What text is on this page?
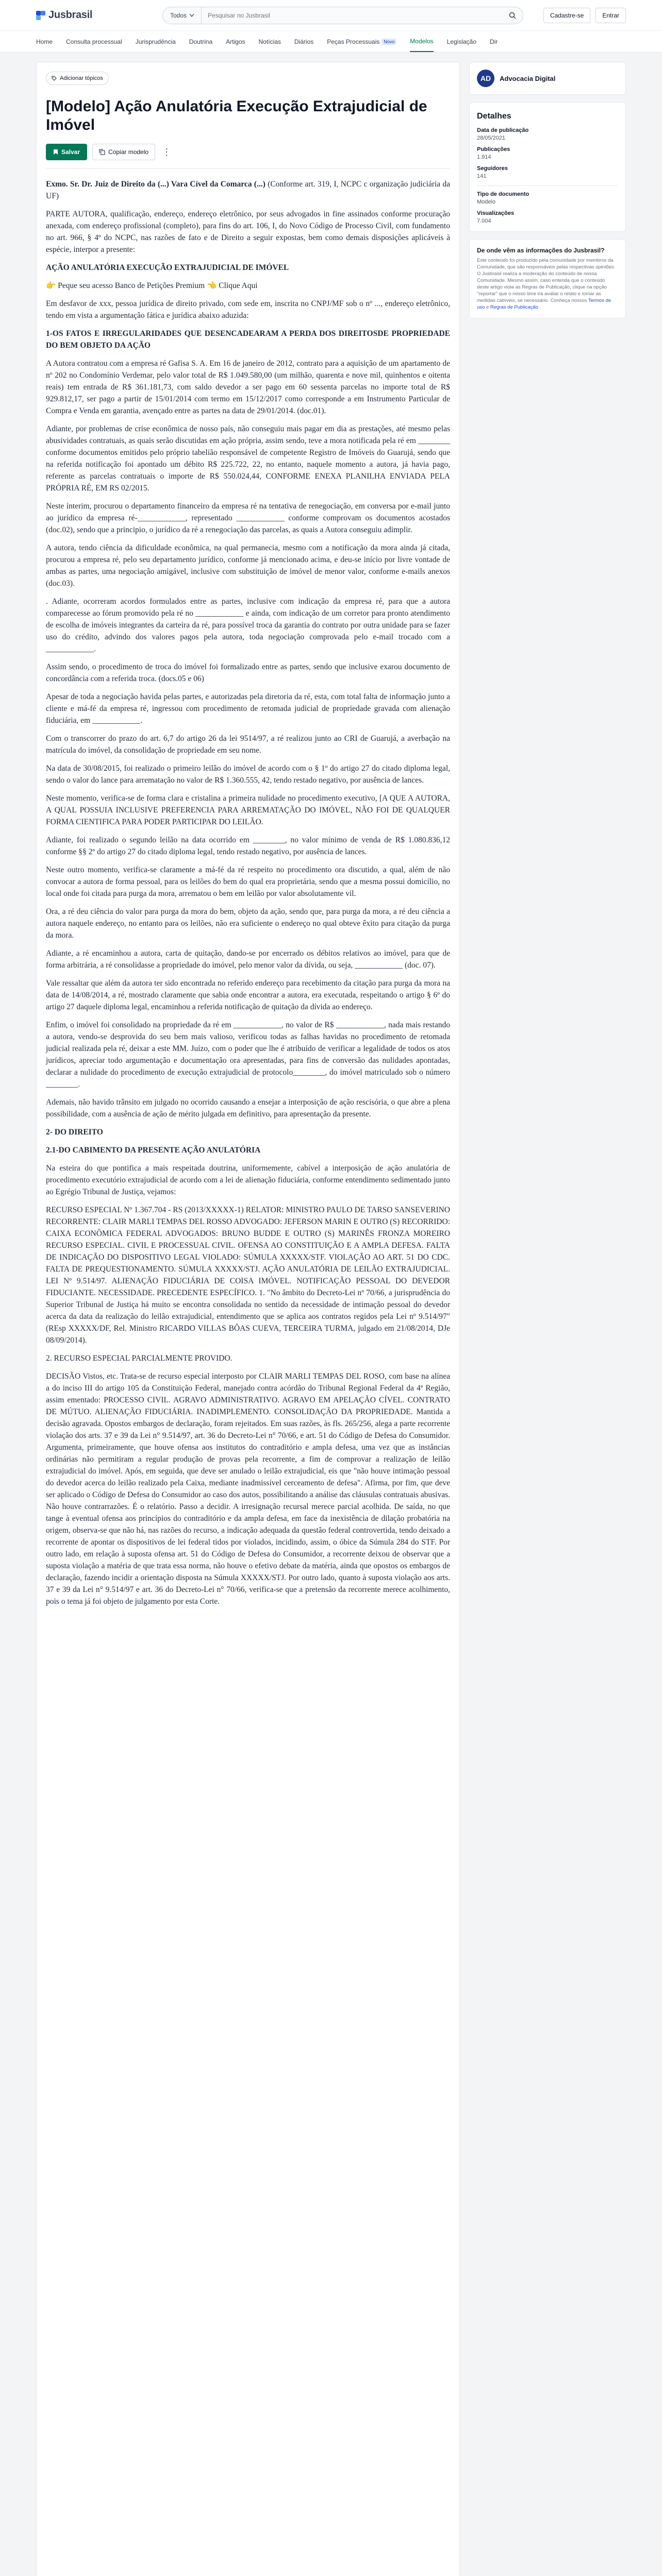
Jusbrasil	Todos
Pesquisar no Jusbrasil	Cadastre-se	Entrar
Home Consulta processual Jurisprudência Doutrina Artigos Notícias Diários Peças Processuais Novo	Modelos Legislação Dir
Adicionar tópicos
[Modelo] Ação Anulatória Execução Extrajudicial de Imóvel
Salvar	Copiar modelo ⋮

Exmo. Sr. Dr. Juiz de Direito da (...) Vara Cível da Comarca (...) (Conforme art. 319, I, NCPC c organização judiciária da UF)

PARTE AUTORA, qualificação, endereço, endereço eletrônico, por seus advogados in fine assinados conforme procuração anexada, com endereço profissional (completo), para fins do art. 106, I, do Novo Código de Processo Civil, com fundamento no art. 966, § 4º do NCPC, nas razões de fato e de Direito a seguir expostas, bem como demais disposições aplicáveis à espécie, interpor a presente:

AÇÃO ANULATÓRIA EXECUÇÃO EXTRAJUDICIAL DE IMÓVEL

👉 Peque seu acesso Banco de Petições Premium 👈 Clique Aqui

Em desfavor de xxx, pessoa jurídica de direito privado, com sede em, inscrita no CNPJ/MF sob o nº ..., endereço eletrônico, tendo em vista a argumentação fática e jurídica abaixo aduzida:

1-OS FATOS E IRREGULARIDADES QUE DESENCADEARAM A PERDA DOS DIREITOSDE PROPRIEDADE DO BEM OBJETO DA AÇÃO

A Autora contratou com a empresa ré Gafisa S. A. Em 16 de janeiro de 2012, contrato para a aquisição de um apartamento de nº 202 no Condomínio Verdemar, pelo valor total de R$ 1.049.580,00 (um milhão, quarenta e nove mil, quinhentos e oitenta reais) tem entrada de R$ 361.181,73, com saldo devedor a ser pago em 60 sessenta parcelas no importe total de R$ 929.812,17, ser pago a partir de 15/01/2014 com termo em 15/12/2017 como corresponde a em Instrumento Particular de Compra e Venda em garantia, avençado entre as partes na data de 29/01/2014. (doc.01).

Adiante, por problemas de crise econômica de nosso país, não conseguiu mais pagar em dia as prestações, até mesmo pelas abusividades contratuais, as quais serão discutidas em ação própria, assim sendo, teve a mora notificada pela ré em ________ conforme documentos emitidos pelo próprio tabelião responsável de competente Registro de Imóveis do Guarujá, sendo que na referida notificação foi apontado um débito R$ 225.722, 22, no entanto, naquele momento a autora, já havia pago, referente as parcelas contratuais o importe de R$ 550.024,44, CONFORME ENEXA PLANILHA ENVIADA PELA PRÓPRIA RÉ, EM RS 02/2015.

Neste ínterim, procurou o departamento financeiro da empresa ré na tentativa de renegociação, em conversa por e-mail junto ao jurídico da empresa ré-____________, representado ____________ conforme comprovam os documentos acostados (doc.02), sendo que a principio, o jurídico da ré a renegociação das parcelas, as quais a Autora conseguiu adimplir.

A autora, tendo ciência da dificuldade econômica, na qual permanecia, mesmo com a notificação da mora ainda já citada, procurou a empresa ré, pelo seu departamento jurídico, conforme já mencionado acima, e deu-se início por livre vontade de ambas as partes, uma negociação amigável, inclusive com substituição de imóvel de menor valor, conforme e-mails anexos (doc.03).

. Adiante, ocorreram acordos formulados entre as partes, inclusive com indicação da empresa ré, para que a autora comparecesse ao fórum promovido pela ré no ____________ e ainda, com indicação de um corretor para pronto atendimento de escolha de imóveis integrantes da carteira da ré, para possível troca da garantia do contrato por outra unidade para se fazer uso do crédito, advindo dos valores pagos pela autora, toda negociação comprovada pelo e-mail trocado com a ____________.

Assim sendo, o procedimento de troca do imóvel foi formalizado entre as partes, sendo que inclusive exarou documento de concordância com a referida troca. (docs.05 e 06)

Apesar de toda a negociação havida pelas partes, e autorizadas pela diretoria da ré, esta, com total falta de informação junto a cliente e má-fé da empresa ré, ingressou com procedimento de retomada judicial de propriedade gravada com alienação fiduciária, em ____________.

Com o transcorrer do prazo do art. 6,7 do artigo 26 da lei 9514/97, a ré realizou junto ao CRI de Guarujá, a averbação na matrícula do imóvel, da consolidação de propriedade em seu nome.

Na data de 30/08/2015, foi realizado o primeiro leilão do imóvel de acordo com o § 1º do artigo 27 do citado diploma legal, sendo o valor do lance para arrematação no valor de R$ 1.360.555, 42, tendo restado negativo, por ausência de lances.

Neste momento, verifica-se de forma clara e cristalina a primeira nulidade no procedimento executivo, [A QUE A AUTORA, A QUAL POSSUIA INCLUSIVE PREFERENCIA PARA ARREMATAÇÃO DO IMÓVEL, NÃO FOI DE QUALQUER FORMA CIENTIFICA PARA PODER PARTICIPAR DO LEILÃO.

Adiante, foi realizado o segundo leilão na data ocorrido em ________, no valor mínimo de venda de R$ 1.080.836,12 conforme §§ 2º do artigo 27 do citado diploma legal, tendo restado negativo, por ausência de lances.

Neste outro momento, verifica-se claramente a má-fé da ré respeito no procedimento ora discutido, a qual, além de não convocar a autora de forma pessoal, para os leilões do bem do qual era proprietária, sendo que a mesma possui domicílio, no local onde foi citada para purga da mora, arrematou o bem em leilão por valor absolutamente vil.

Ora, a ré deu ciência do valor para purga da mora do bem, objeto da ação, sendo que, para purga da mora, a ré deu ciência a autora naquele endereço, no entanto para os leilões, não era suficiente o endereço no qual obteve êxito para citação da purga da mora.

Adiante, a ré encaminhou a autora, carta de quitação, dando-se por encerrado os débitos relativos ao imóvel, para que de forma arbitrária, a ré consolidasse a propriedade do imóvel, pelo menor valor da dívida, ou seja, ____________ (doc. 07).

Vale ressaltar que além da autora ter sido encontrada no referido endereço para recebimento da citação para purga da mora na data de 14/08/2014, a ré, mostrado claramente que sabia onde encontrar a autora, era executada, respeitando o artigo § 6º do artigo 27 daquele diploma legal, encaminhou a referida notificação de quitação da dívida ao endereço.

Enfim, o imóvel foi consolidado na propriedade da ré em ____________, no valor de R$ ____________, nada mais restando a autora, vendo-se desprovida do seu bem mais valioso, verificou todas as falhas havidas no procedimento de retomada judicial realizada pela ré, deixar a este MM. Juízo, com o poder que lhe é atribuído de verificar a legalidade de todos os atos jurídicos, apreciar todo argumentação e documentação ora apresentadas, para fins de conversão das nulidades apontadas, declarar a nulidade do procedimento de execução extrajudicial de protocolo________, do imóvel matriculado sob o número ________.

Ademais, não havido trânsito em julgado no ocorrido causando a ensejar a interposição de ação rescisória, o que abre a plena possibilidade, com a ausência de ação de mérito julgada em definitivo, para apresentação da presente.

2- DO DIREITO

2.1-DO CABIMENTO DA PRESENTE AÇÃO ANULATÓRIA

Na esteira do que pontifica a mais respeitada doutrina, uniformemente, cabível a interposição de ação anulatória de procedimento executório extrajudicial de acordo com a lei de alienação fiduciária, conforme entendimento sedimentado junto ao Egrégio Tribunal de Justiça, vejamos:

RECURSO ESPECIAL Nº 1.367.704 - RS (2013/XXXXX-1) RELATOR: MINISTRO PAULO DE TARSO SANSEVERINO RECORRENTE: CLAIR MARLI TEMPAS DEL ROSSO ADVOGADO: JEFERSON MARIN E OUTRO (S) RECORRIDO: CAIXA ECONÔMICA FEDERAL ADVOGADOS: BRUNO BUDDE E OUTRO (S) MARINÊS FRONZA MOREIRO RECURSO ESPECIAL. CIVIL E PROCESSUAL CIVIL. OFENSA AO CONSTITUIÇÃO E A AMPLA DEFESA. FALTA DE INDICAÇÃO DO DISPOSITIVO LEGAL VIOLADO: SÚMULA XXXXX/STF. VIOLAÇÃO AO ART. 51 DO CDC. FALTA DE PREQUESTIONAMENTO. SÚMULA XXXXX/STJ. AÇÃO ANULATÓRIA DE LEILÃO EXTRAJUDICIAL. LEI Nº 9.514/97. ALIENAÇÃO FIDUCIÁRIA DE COISA IMÓVEL. NOTIFICAÇÃO PESSOAL DO DEVEDOR FIDUCIANTE. NECESSIDADE. PRECEDENTE ESPECÍFICO. 1. "No âmbito do Decreto-Lei nº 70/66, a jurisprudência do Superior Tribunal de Justiça há muito se encontra consolidada no sentido da necessidade de intimação pessoal do devedor acerca da data da realização do leilão extrajudicial, entendimento que se aplica aos contratos regidos pela Lei nº 9.514/97" (REsp XXXXX/DF, Rel. Ministro RICARDO VILLAS BÔAS CUEVA, TERCEIRA TURMA, julgado em 21/08/2014, DJe 08/09/2014).

2. RECURSO ESPECIAL PARCIALMENTE PROVIDO.

DECISÃO Vistos, etc. Trata-se de recurso especial interposto por CLAIR MARLI TEMPAS DEL ROSO, com base na alínea a do inciso III do artigo 105 da Constituição Federal, manejado contra acórdão do Tribunal Regional Federal da 4ª Região, assim ementado: PROCESSO CIVIL. AGRAVO ADMINISTRATIVO. AGRAVO EM APELAÇÃO CÍVEL. CONTRATO DE MÚTUO. ALIENAÇÃO FIDUCIÁRIA. INADIMPLEMENTO. CONSOLIDAÇÃO DA PROPRIEDADE. Mantida a decisão agravada. Opostos embargos de declaração, foram rejeitados. Em suas razões, às fls. 265/256, alega a parte recorrente violação dos arts. 37 e 39 da Lei n° 9.514/97, art. 36 do Decreto-Lei n° 70/66, e art. 51 do Código de Defesa do Consumidor. Argumenta, primeiramente, que houve ofensa aos institutos do contraditório e ampla defesa, uma vez que as instâncias ordinárias não permitiram a regular produção de provas pela recorrente, a fim de comprovar a realização de leilão extrajudicial do imóvel. Após, em seguida, que deve ser anulado o leilão extrajudicial, eis que "não houve intimação pessoal do devedor acerca do leilão realizado pela Caixa, mediante inadmissível cerceamento de defesa". Afirma, por fim, que deve ser aplicado o Código de Defesa do Consumidor ao caso dos autos, possibilitando a análise das cláusulas contratuais abusivas. Não houve contrarrazões. É o relatório. Passo a decidir. A irresignação recursal merece parcial acolhida. De saída, no que tange à eventual ofensa aos princípios do contraditório e da ampla defesa, em face da inexistência de dilação probatória na origem, observa-se que não há, nas razões do recurso, a indicação adequada da questão federal controvertida, tendo deixado a recorrente de apontar os dispositivos de lei federal tidos por violados, incidindo, assim, o óbice da Súmula 284 do STF. Por outro lado, em relação à suposta ofensa art. 51 do Código de Defesa do Consumidor, a recorrente deixou de observar que a suposta violação a matéria de que trata essa norma, não houve o efetivo debate da matéria, ainda que opostos os embargos de declaração, fazendo incidir a orientação disposta na Súmula XXXXX/STJ. Por outro lado, quanto à suposta violação aos arts. 37 e 39 da Lei n° 9.514/97 e art. 36 do Decreto-Lei n° 70/66, verifica-se que a pretensão da recorrente merece acolhimento, pois o tema já foi objeto de julgamento por esta Corte.

AD	Advocacia Digital
Detalhes
Data de publicação
28/05/2021
Publicações
1.914
Seguidores
141
Tipo de documento
Modelo
Visualizações
7.004
De onde vêm as informações do Jusbrasil?
Este conteúdo foi produzido pela comunidade por membros da Comunidade, que são responsáveis pelas respectivas opiniões. O Jusbrasil realiza a moderação do conteúdo de nossa Comunidade. Mesmo assim, caso entenda que o conteúdo deste artigo viola as Regras de Publicação, clique na opção "reportar" que o nosso time irá avaliar o relato e tomar as medidas cabíveis, se necessário. Conheça nossos Termos de uso e Regras de Publicação
